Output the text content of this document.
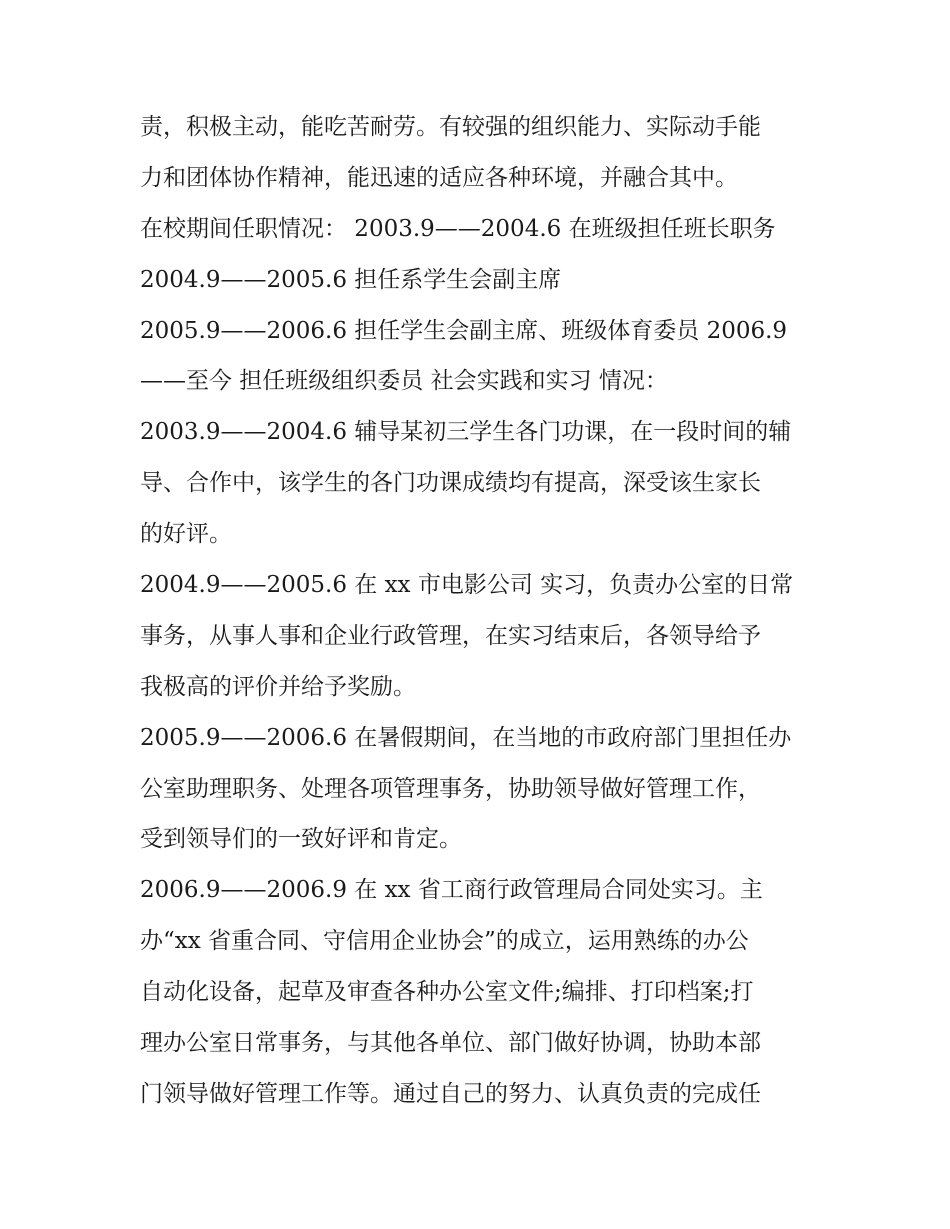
责，积极主动，能吃苦耐劳。有较强的组织能力、实际动手能
力和团体协作精神，能迅速的适应各种环境，并融合其中。
在校期间任职情况： 2003.9——2004.6 在班级担任班长职务
2004.9——2005.6 担任系学生会副主席
2005.9——2006.6 担任学生会副主席、班级体育委员 2006.9
——至今 担任班级组织委员 社会实践和实习 情况：
2003.9——2004.6 辅导某初三学生各门功课，在一段时间的辅
导、合作中，该学生的各门功课成绩均有提高，深受该生家长
的好评。
2004.9——2005.6 在 xx 市电影公司 实习，负责办公室的日常
事务，从事人事和企业行政管理，在实习结束后，各领导给予
我极高的评价并给予奖励。
2005.9——2006.6 在暑假期间，在当地的市政府部门里担任办
公室助理职务、处理各项管理事务，协助领导做好管理工作，
受到领导们的一致好评和肯定。
2006.9——2006.9 在 xx 省工商行政管理局合同处实习。主
办“xx 省重合同、守信用企业协会”的成立，运用熟练的办公
自动化设备，起草及审查各种办公室文件;编排、打印档案;打
理办公室日常事务，与其他各单位、部门做好协调，协助本部
门领导做好管理工作等。通过自己的努力、认真负责的完成任
